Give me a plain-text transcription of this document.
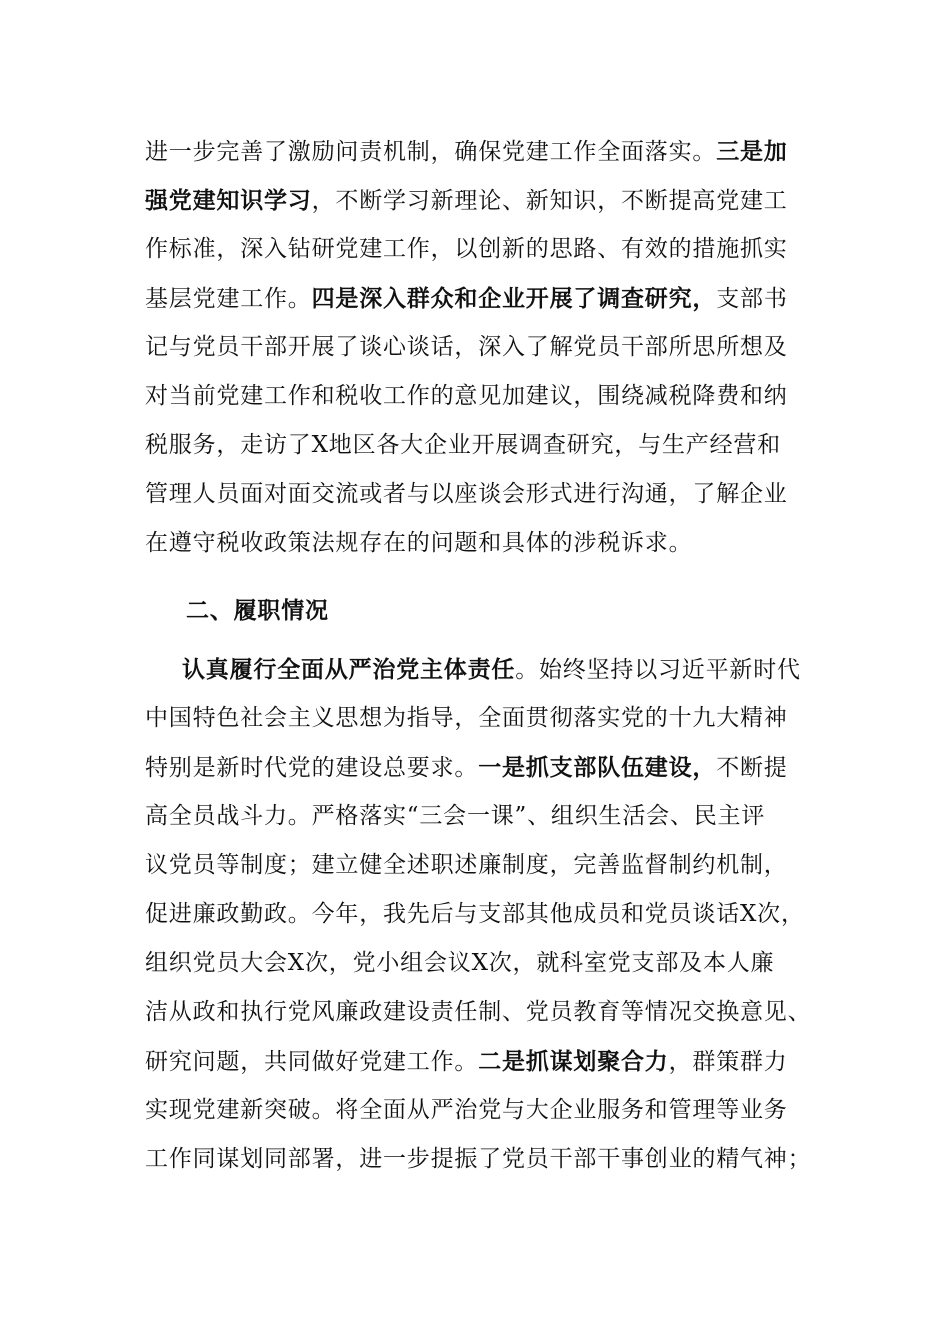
进一步完善了激励问责机制，确保党建工作全面落实。三是加
强党建知识学习，不断学习新理论、新知识，不断提高党建工
作标准，深入钻研党建工作，以创新的思路、有效的措施抓实
基层党建工作。四是深入群众和企业开展了调查研究，支部书
记与党员干部开展了谈心谈话，深入了解党员干部所思所想及
对当前党建工作和税收工作的意见加建议，围绕减税降费和纳
税服务，走访了X地区各大企业开展调查研究，与生产经营和
管理人员面对面交流或者与以座谈会形式进行沟通，了解企业
在遵守税收政策法规存在的问题和具体的涉税诉求。
二、履职情况
认真履行全面从严治党主体责任。始终坚持以习近平新时代
中国特色社会主义思想为指导，全面贯彻落实党的十九大精神
特别是新时代党的建设总要求。一是抓支部队伍建设，不断提
高全员战斗力。严格落实“三会一课”、组织生活会、民主评
议党员等制度；建立健全述职述廉制度，完善监督制约机制，
促进廉政勤政。今年，我先后与支部其他成员和党员谈话X次，
组织党员大会X次，党小组会议X次，就科室党支部及本人廉
洁从政和执行党风廉政建设责任制、党员教育等情况交换意见、
研究问题，共同做好党建工作。二是抓谋划聚合力，群策群力
实现党建新突破。将全面从严治党与大企业服务和管理等业务
工作同谋划同部署，进一步提振了党员干部干事创业的精气神；
